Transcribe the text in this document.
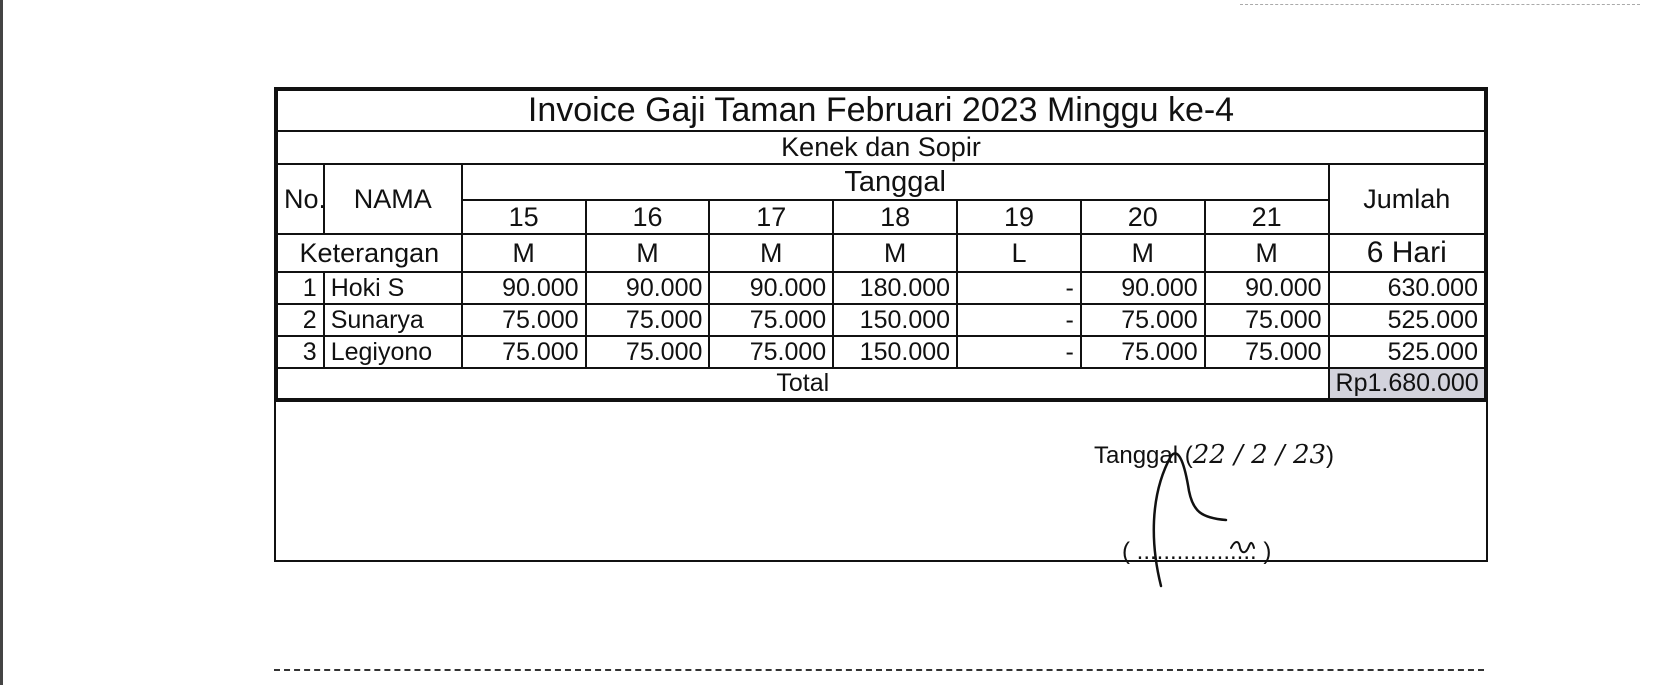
Invoice Gaji Taman Februari 2023 Minggu ke-4									
Kenek dan Sopir									
No.	NAMA	Tanggal							Jumlah
		15	16	17	18	19	20	21	
Keterangan		M	M	M	M	L	M	M	6 Hari
1	Hoki S	90.000	90.000	90.000	180.000	-	90.000	90.000	630.000
2	Sunarya	75.000	75.000	75.000	150.000	-	75.000	75.000	525.000
3	Legiyono	75.000	75.000	75.000	150.000	-	75.000	75.000	525.000
Total									Rp1.680.000
Tanggal (22 / 2 / 23)
( .................. )
